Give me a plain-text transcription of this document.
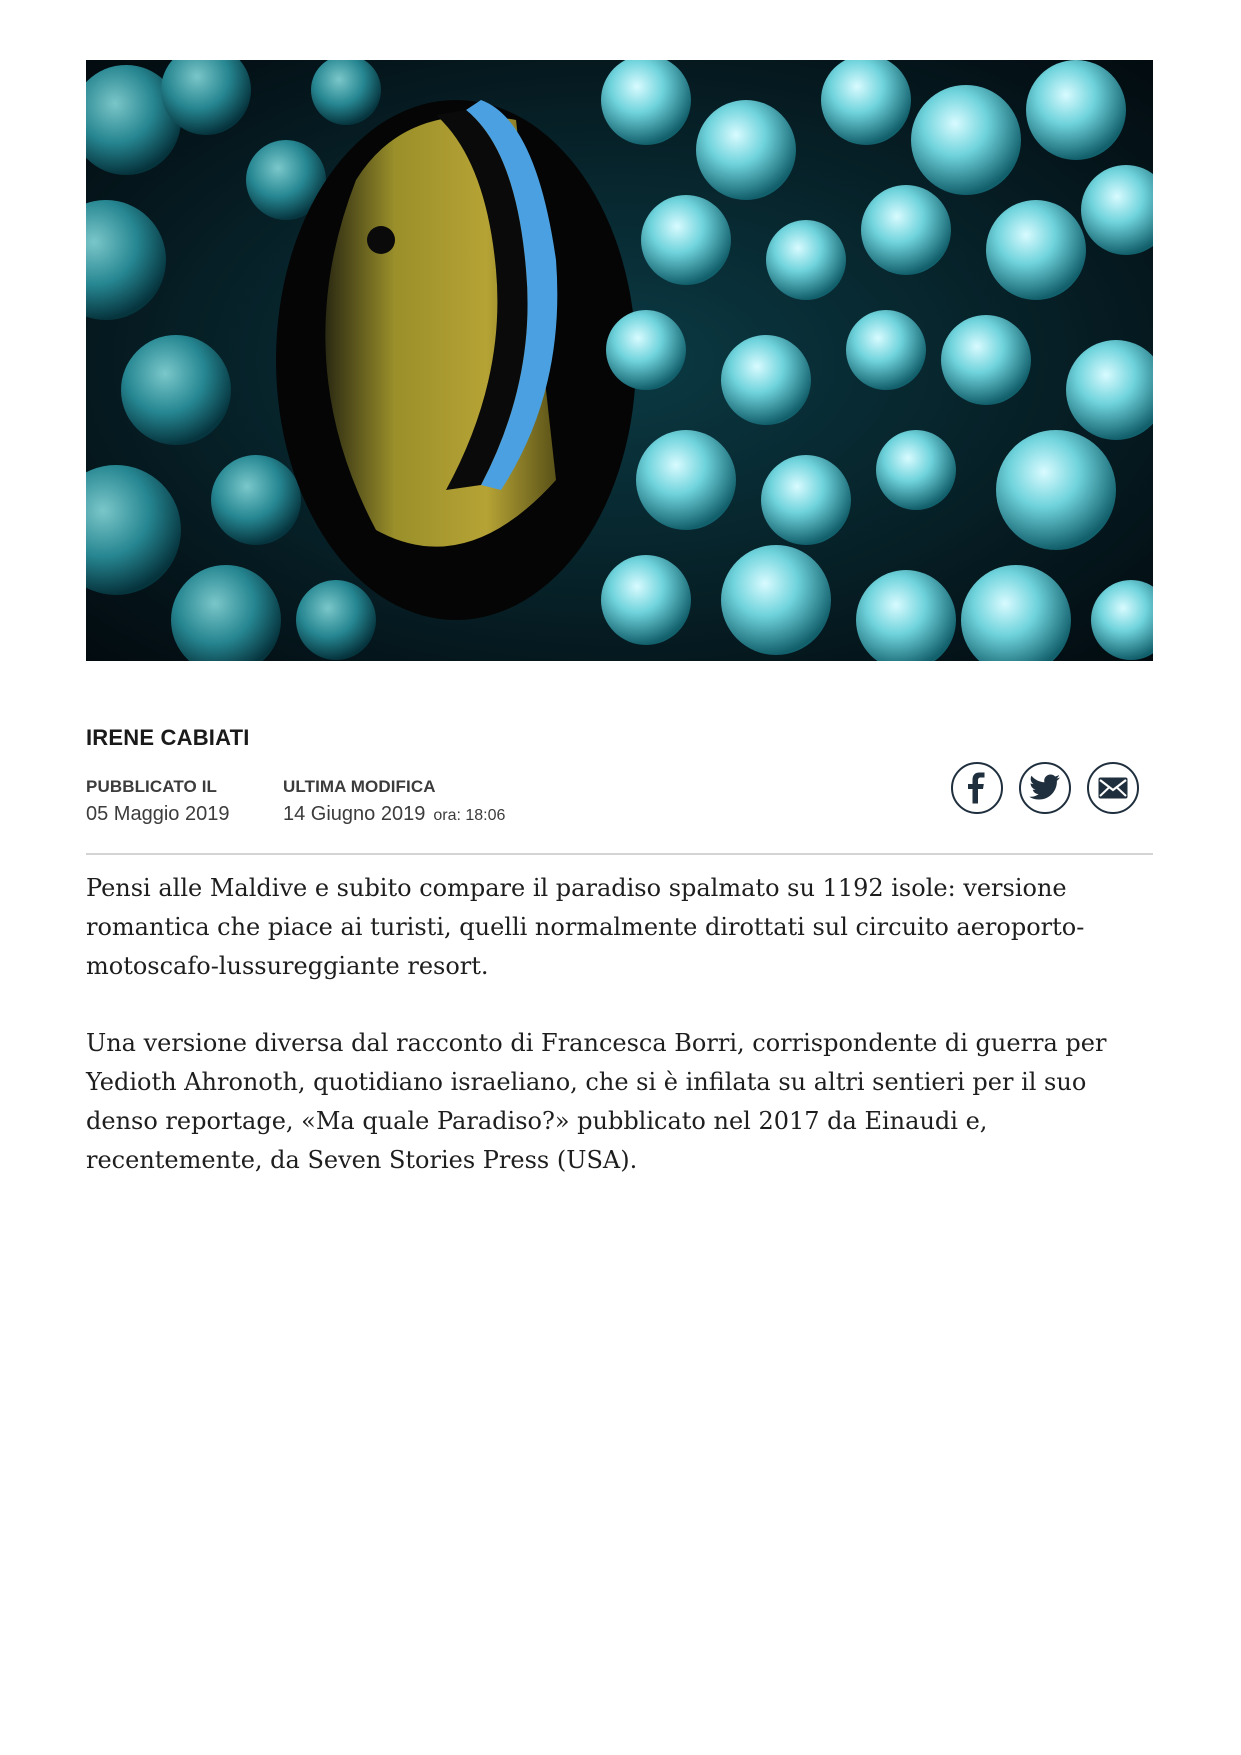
IRENE CABIATI
PUBBLICATO IL
05 Maggio 2019
ULTIMA MODIFICA
14 Giugno 2019 ora: 18:06

Pensi alle Maldive e subito compare il paradiso spalmato su 1192 isole: versione romantica che piace ai turisti, quelli normalmente dirottati sul circuito aeroporto-motoscafo-lussureggiante resort.

Una versione diversa dal racconto di Francesca Borri, corrispondente di guerra per Yedioth Ahronoth, quotidiano israeliano, che si è infilata su altri sentieri per il suo denso reportage, «Ma quale Paradiso?» pubblicato nel 2017 da Einaudi e, recentemente, da Seven Stories Press (USA).
